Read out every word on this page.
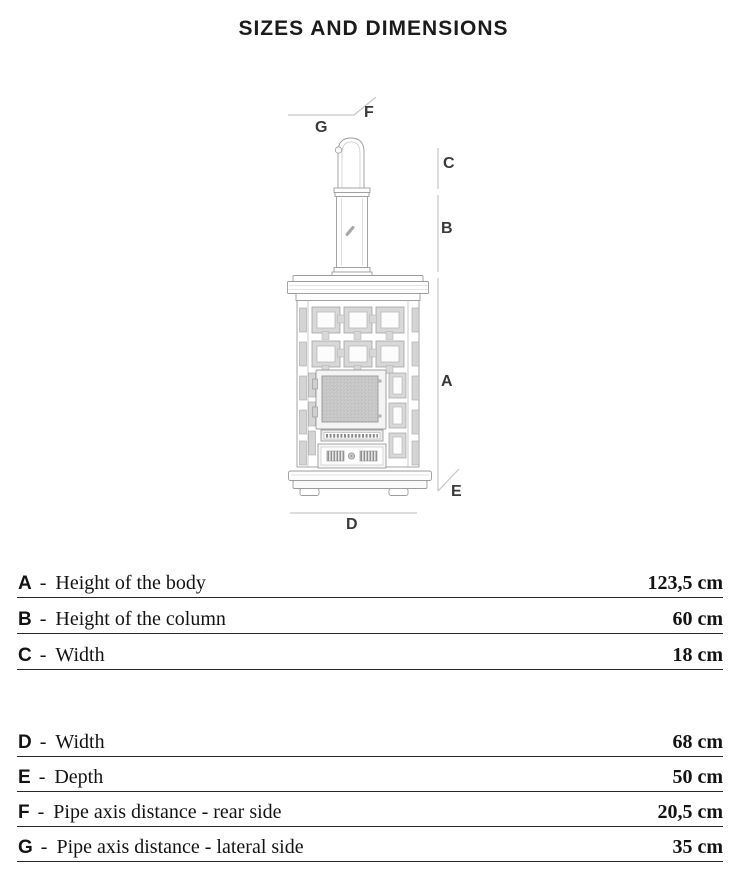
SIZES AND DIMENSIONS
A
B
C
D
E
F
G
A - Height of the body	123,5 cm
B - Height of the column	60 cm
C - Width	18 cm
D - Width	68 cm
E - Depth	50 cm
F - Pipe axis distance - rear side	20,5 cm
G - Pipe axis distance - lateral side	35 cm
